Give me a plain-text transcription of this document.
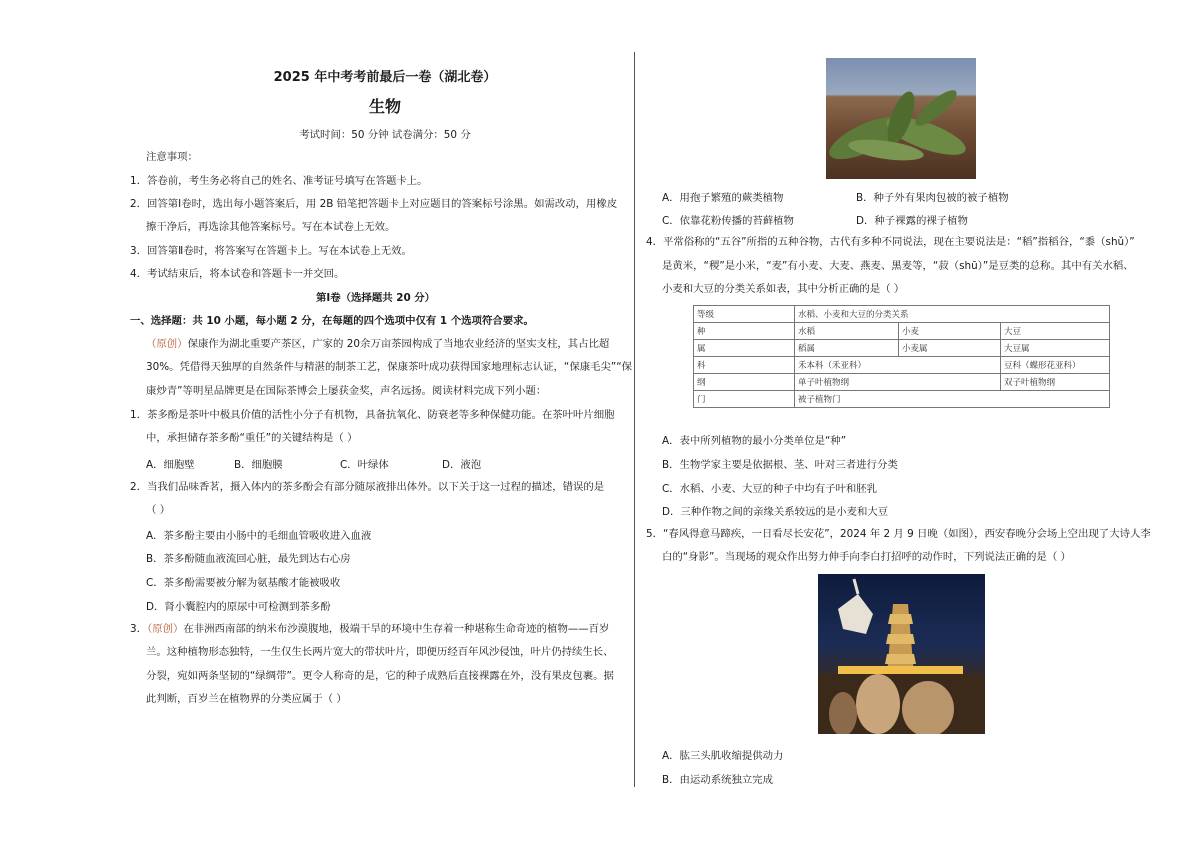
2025 年中考考前最后一卷（湖北卷）
生物
考试时间：50 分钟 试卷满分：50 分
注意事项：
1．答卷前，考生务必将自己的姓名、准考证号填写在答题卡上。
2．回答第Ⅰ卷时，选出每小题答案后，用 2B 铅笔把答题卡上对应题目的答案标号涂黑。如需改动，用橡皮
擦干净后，再选涂其他答案标号。写在本试卷上无效。
3．回答第Ⅱ卷时，将答案写在答题卡上。写在本试卷上无效。
4．考试结束后，将本试卷和答题卡一并交回。
第Ⅰ卷（选择题共 20 分）
一、选择题：共 10 小题，每小题 2 分，在每题的四个选项中仅有 1 个选项符合要求。
（原创）保康作为湖北重要产茶区，广家的 20余万亩茶园构成了当地农业经济的坚实支柱，其占比超
30%。凭借得天独厚的自然条件与精湛的制茶工艺，保康茶叶成功获得国家地理标志认证，“保康毛尖”“保
康炒青”等明星品牌更是在国际茶博会上屡获金奖，声名远扬。阅读材料完成下列小题：
1．茶多酚是茶叶中极具价值的活性小分子有机物，具备抗氧化、防衰老等多种保健功能。在茶叶叶片细胞
中，承担储存茶多酚“重任”的关键结构是（ ）
A．细胞壁	B．细胞膜	C．叶绿体	D．液泡
2．当我们品味香茗，摄入体内的茶多酚会有部分随尿液排出体外。以下关于这一过程的描述，错误的是
（ ）
A．茶多酚主要由小肠中的毛细血管吸收进入血液
B．茶多酚随血液流回心脏，最先到达右心房
C．茶多酚需要被分解为氨基酸才能被吸收
D．肾小囊腔内的原尿中可检测到茶多酚
3．（原创）在非洲西南部的纳米布沙漠腹地，极端干旱的环境中生存着一种堪称生命奇迹的植物——百岁
兰。这种植物形态独特，一生仅生长两片宽大的带状叶片，即便历经百年风沙侵蚀，叶片仍持续生长、
分裂，宛如两条坚韧的“绿绸带”。更令人称奇的是，它的种子成熟后直接裸露在外，没有果皮包裹。据
此判断，百岁兰在植物界的分类应属于（ ）
A．用孢子繁殖的蕨类植物	B．种子外有果肉包被的被子植物
C．依靠花粉传播的苔藓植物	D．种子裸露的裸子植物
4．平常俗称的“五谷”所指的五种谷物，古代有多种不同说法，现在主要说法是：“稻”指稻谷，“黍（shǔ）”
是黄米，“稷”是小米，“麦”有小麦、大麦、燕麦、黑麦等，“菽（shū）”是豆类的总称。其中有关水稻、
小麦和大豆的分类关系如表，其中分析正确的是（ ）
等级	水稻、小麦和大豆的分类关系		
种	水稻	小麦	大豆
属	稻属	小麦属	大豆属
科	禾本科（禾亚科）		豆科（蝶形花亚科）
纲	单子叶植物纲		双子叶植物纲
门	被子植物门		
A．表中所列植物的最小分类单位是“种”
B．生物学家主要是依据根、茎、叶对三者进行分类
C．水稻、小麦、大豆的种子中均有子叶和胚乳
D．三种作物之间的亲缘关系较远的是小麦和大豆
5．“春风得意马蹄疾，一日看尽长安花”，2024 年 2 月 9 日晚（如图），西安春晚分会场上空出现了大诗人李
白的“身影”。当现场的观众作出努力伸手向李白打招呼的动作时，下列说法正确的是（ ）
A．肱三头肌收缩提供动力
B．由运动系统独立完成
